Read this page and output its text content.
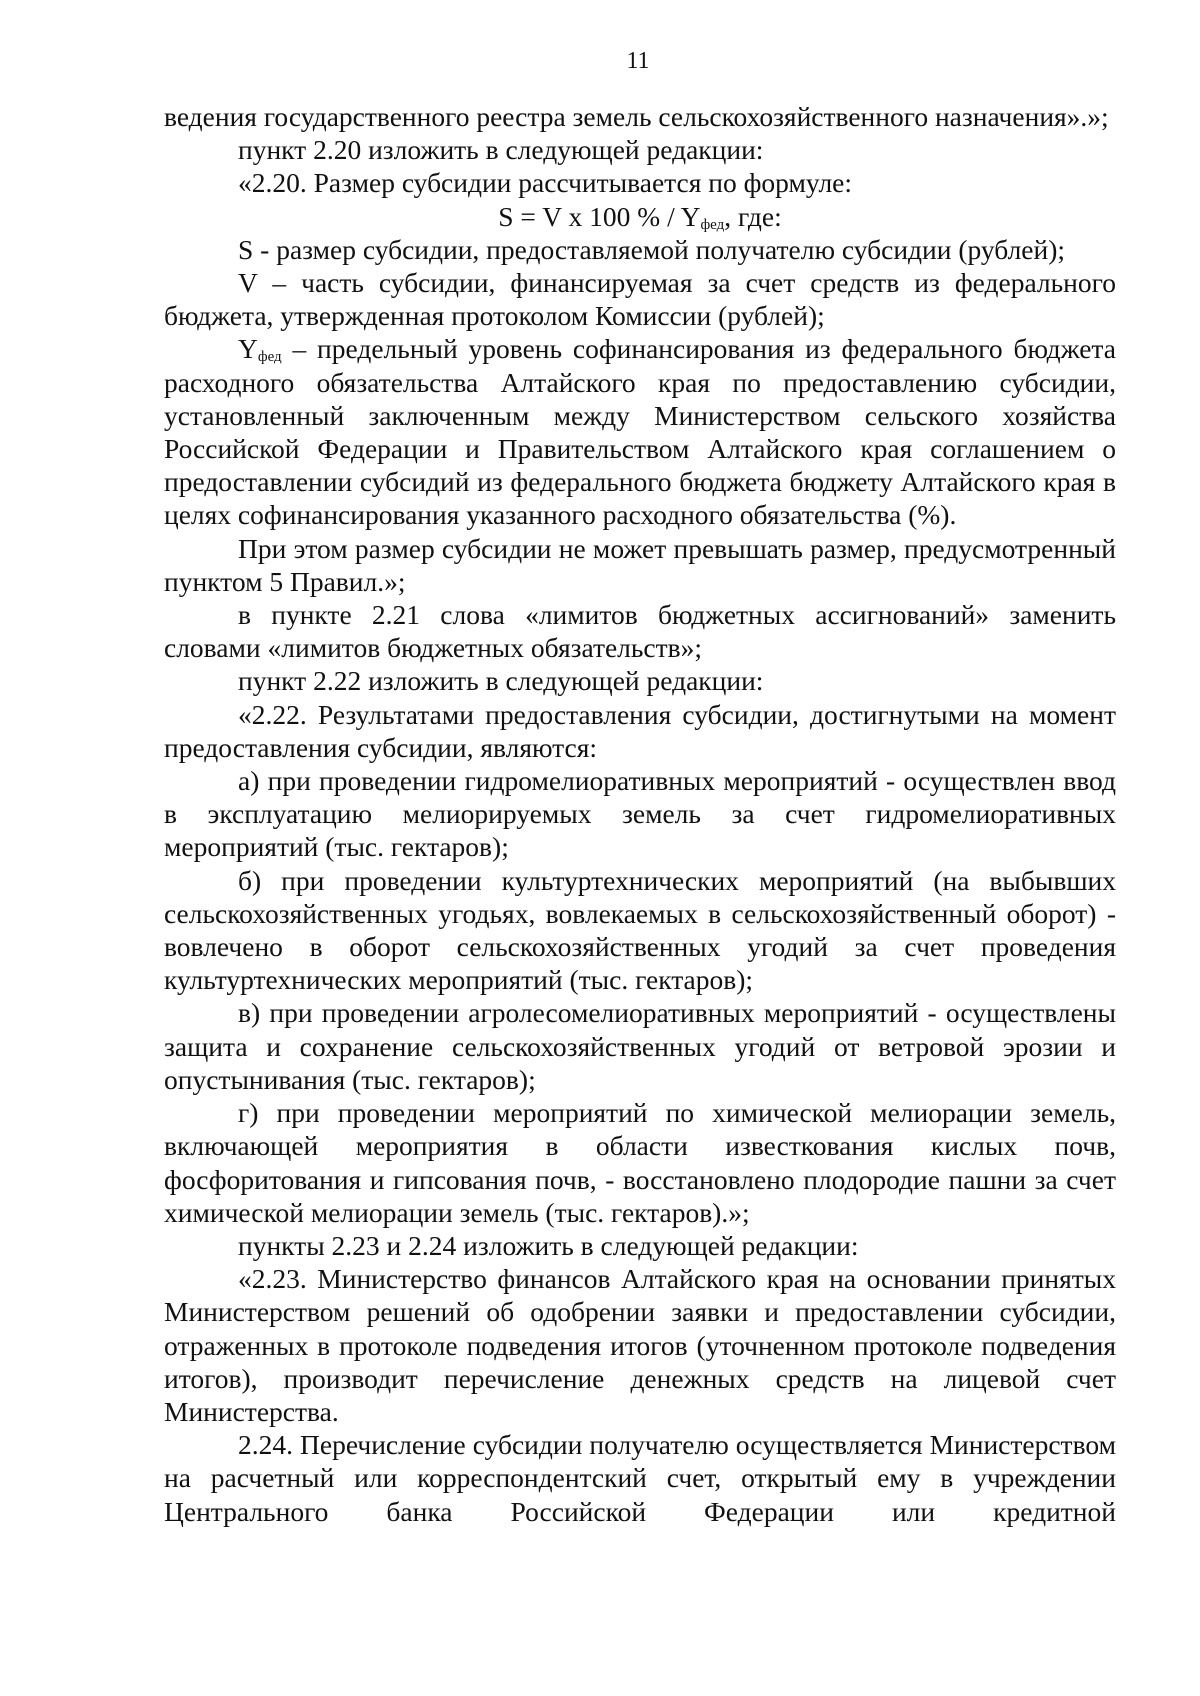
11

ведения государственного реестра земель сельскохозяйственного назначения».»;

пункт 2.20 изложить в следующей редакции:

«2.20. Размер субсидии рассчитывается по формуле:

S = V x 100 % / $Y_{фед}$, где:

S - размер субсидии, предоставляемой получателю субсидии (рублей);

V – часть субсидии, финансируемая за счет средств из федерального бюджета, утвержденная протоколом Комиссии (рублей);

$Y_{фед}$ – предельный уровень софинансирования из федерального бюджета расходного обязательства Алтайского края по предоставлению субсидии, установленный заключенным между Министерством сельского хозяйства Российской Федерации и Правительством Алтайского края соглашением о предоставлении субсидий из федерального бюджета бюджету Алтайского края в целях софинансирования указанного расходного обязательства (%).

При этом размер субсидии не может превышать размер, предусмотренный пунктом 5 Правил.»;

в пункте 2.21 слова «лимитов бюджетных ассигнований» заменить словами «лимитов бюджетных обязательств»;

пункт 2.22 изложить в следующей редакции:

«2.22. Результатами предоставления субсидии, достигнутыми на момент предоставления субсидии, являются:

а) при проведении гидромелиоративных мероприятий - осуществлен ввод в эксплуатацию мелиорируемых земель за счет гидромелиоративных мероприятий (тыс. гектаров);

б) при проведении культуртехнических мероприятий (на выбывших сельскохозяйственных угодьях, вовлекаемых в сельскохозяйственный оборот) - вовлечено в оборот сельскохозяйственных угодий за счет проведения культуртехнических мероприятий (тыс. гектаров);

в) при проведении агролесомелиоративных мероприятий - осуществлены защита и сохранение сельскохозяйственных угодий от ветровой эрозии и опустынивания (тыс. гектаров);

г) при проведении мероприятий по химической мелиорации земель, включающей мероприятия в области известкования кислых почв, фосфоритования и гипсования почв, - восстановлено плодородие пашни за счет химической мелиорации земель (тыс. гектаров).»;

пункты 2.23 и 2.24 изложить в следующей редакции:

«2.23. Министерство финансов Алтайского края на основании принятых Министерством решений об одобрении заявки и предоставлении субсидии, отраженных в протоколе подведения итогов (уточненном протоколе подведения итогов), производит перечисление денежных средств на лицевой счет Министерства.

2.24. Перечисление субсидии получателю осуществляется Министерством на расчетный или корреспондентский счет, открытый ему в учреждении Центрального банка Российской Федерации или кредитной
